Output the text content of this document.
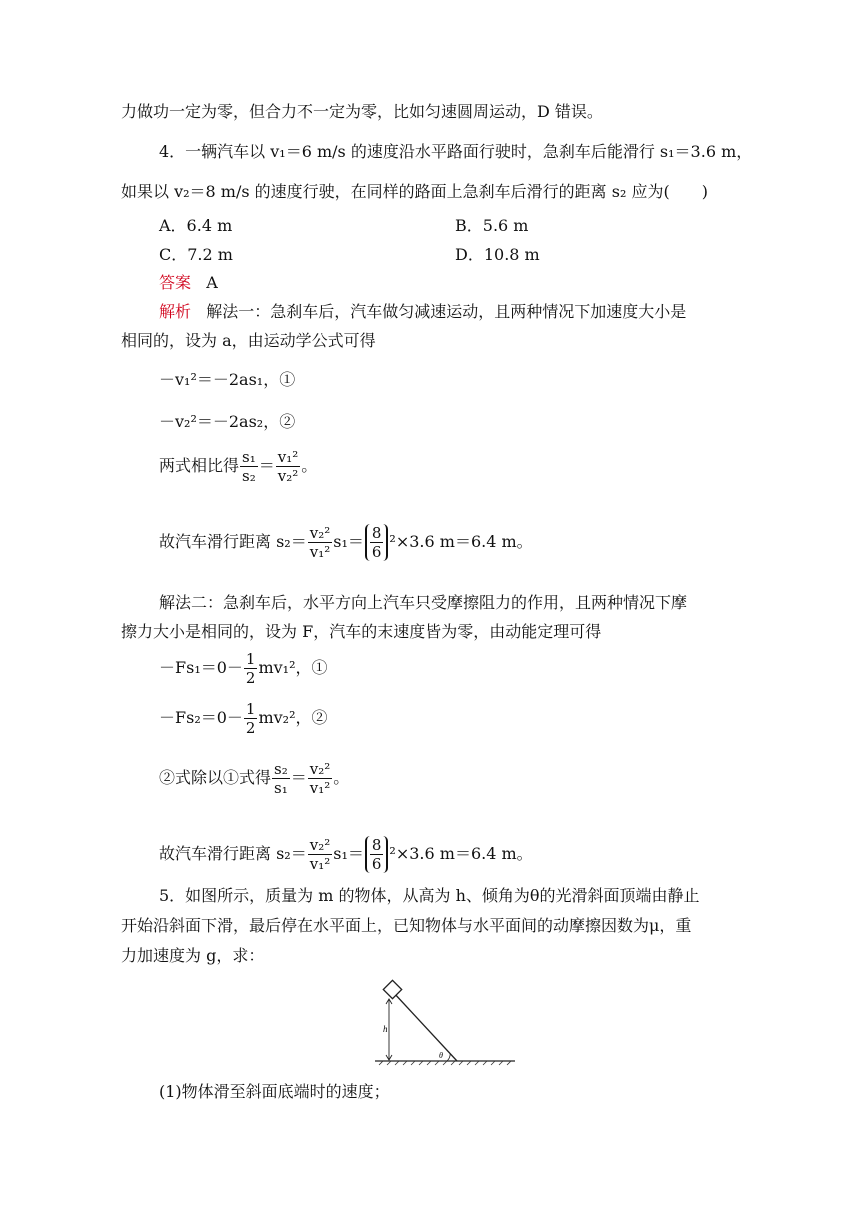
力做功一定为零，但合力不一定为零，比如匀速圆周运动，D 错误。
4．一辆汽车以 v₁＝6 m/s 的速度沿水平路面行驶时，急刹车后能滑行 s₁＝3.6 m，
如果以 v₂＝8 m/s 的速度行驶，在同样的路面上急刹车后滑行的距离 s₂ 应为(　　)
A．6.4 m	B．5.6 m
C．7.2 m	D．10.8 m
答案 A
解析 解法一：急刹车后，汽车做匀减速运动，且两种情况下加速度大小是
相同的，设为 a，由运动学公式可得
－v₁²＝－2as₁，①
－v₂²＝－2as₂，②
两式相比得 $\frac{\text{s₁}}{\text{s₂}} = \frac{\text{v₁²}}{\text{v₂²}}$ 。
故汽车滑行距离 $s_2= \frac{\text{v₂²}}{\text{v₁²}} s_1= \frac{8}{6} ^2\times 3.6$ m＝6.4 m。
解法二：急刹车后，水平方向上汽车只受摩擦阻力的作用，且两种情况下摩
擦力大小是相同的，设为 F，汽车的末速度皆为零，由动能定理可得
$-Fs_1=0- \frac{1}{2} mv_1^2$，①
$-Fs_2=0- \frac{1}{2} mv_2^2$，②
②式除以①式得 $\frac{\text{s₂}}{\text{s₁}} = \frac{\text{v₂²}}{\text{v₁²}}$ 。
故汽车滑行距离 $s_2= \frac{\text{v₂²}}{\text{v₁²}} s_1= \frac{8}{6} ^2\times 3.6$ m＝6.4 m。
5．如图所示，质量为 m 的物体，从高为 h、倾角为θ的光滑斜面顶端由静止
开始沿斜面下滑，最后停在水平面上，已知物体与水平面间的动摩擦因数为μ，重
力加速度为 g，求：
h
θ
(1)物体滑至斜面底端时的速度；
